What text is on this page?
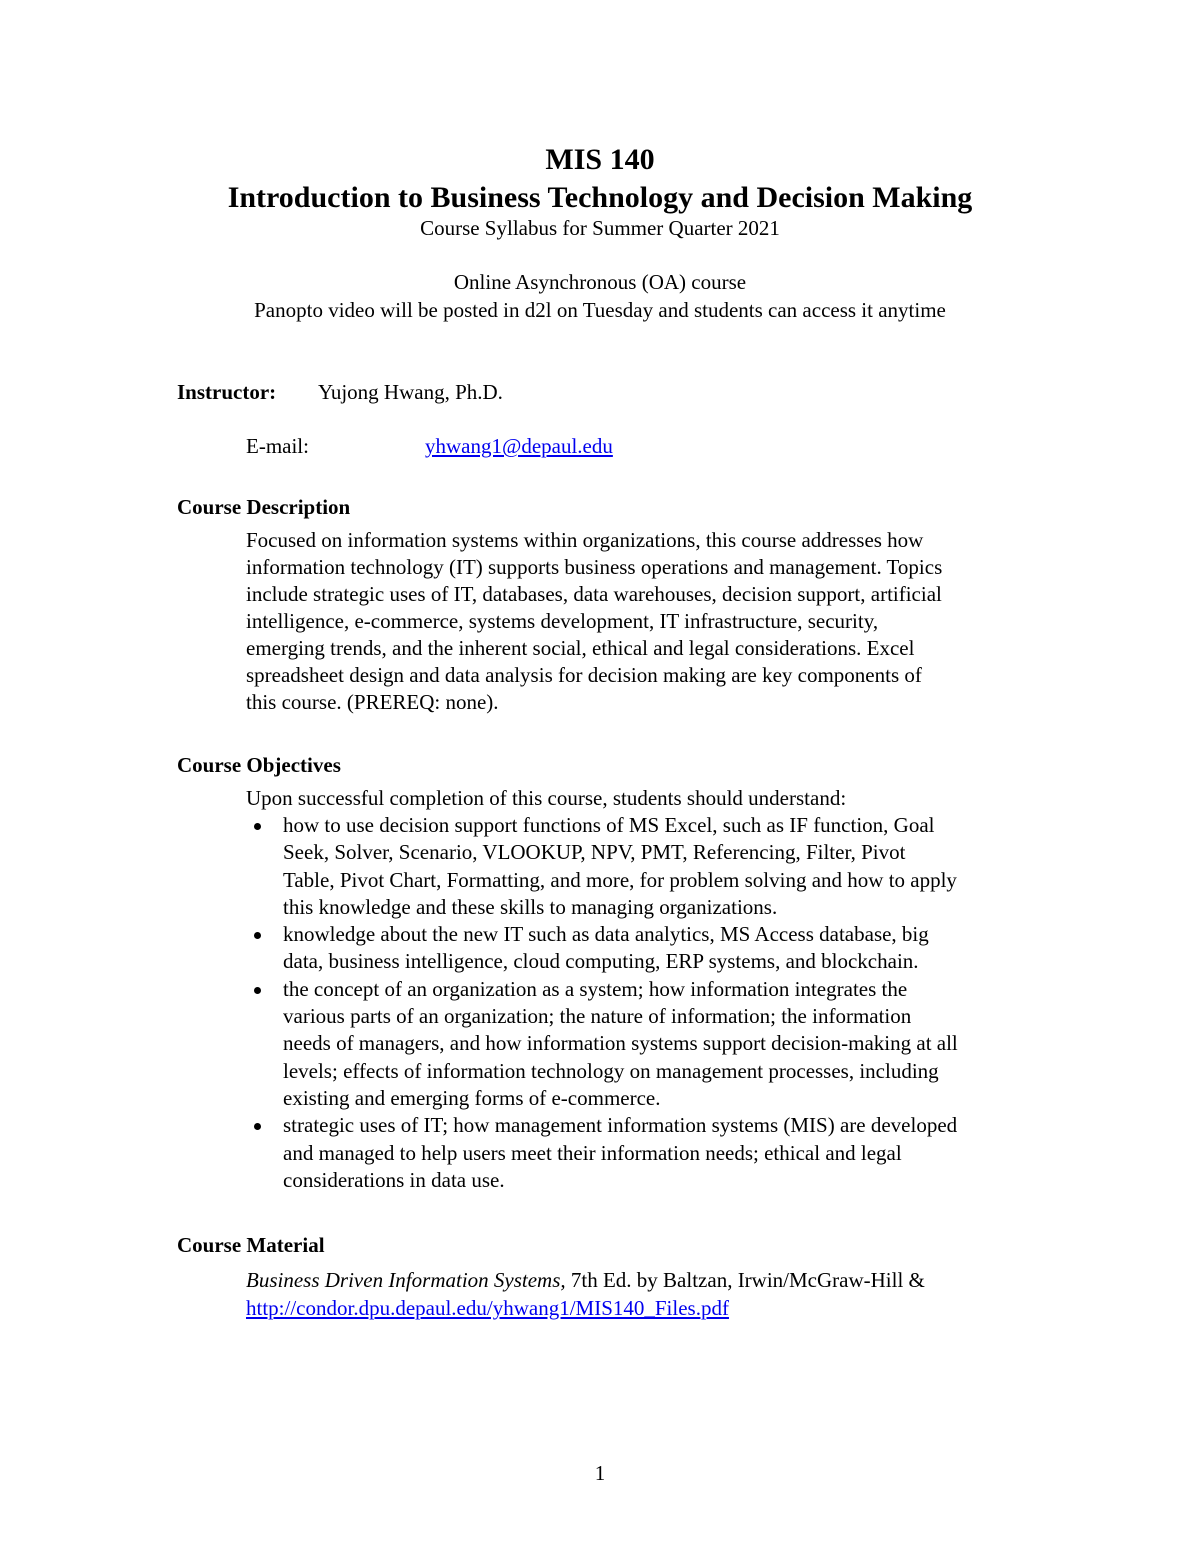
MIS 140
Introduction to Business Technology and Decision Making
Course Syllabus for Summer Quarter 2021
Online Asynchronous (OA) course
Panopto video will be posted in d2l on Tuesday and students can access it anytime
Instructor: Yujong Hwang, Ph.D.
E-mail:	yhwang1@depaul.edu
Course Description
Focused on information systems within organizations, this course addresses how
information technology (IT) supports business operations and management. Topics
include strategic uses of IT, databases, data warehouses, decision support, artificial
intelligence, e-commerce, systems development, IT infrastructure, security,
emerging trends, and the inherent social, ethical and legal considerations. Excel
spreadsheet design and data analysis for decision making are key components of
this course. (PREREQ: none).
Course Objectives
Upon successful completion of this course, students should understand:
how to use decision support functions of MS Excel, such as IF function, Goal
Seek, Solver, Scenario, VLOOKUP, NPV, PMT, Referencing, Filter, Pivot
Table, Pivot Chart, Formatting, and more, for problem solving and how to apply
this knowledge and these skills to managing organizations.
knowledge about the new IT such as data analytics, MS Access database, big
data, business intelligence, cloud computing, ERP systems, and blockchain.
the concept of an organization as a system; how information integrates the
various parts of an organization; the nature of information; the information
needs of managers, and how information systems support decision-making at all
levels; effects of information technology on management processes, including
existing and emerging forms of e-commerce.
strategic uses of IT; how management information systems (MIS) are developed
and managed to help users meet their information needs; ethical and legal
considerations in data use.
Course Material
Business Driven Information Systems, 7th Ed. by Baltzan, Irwin/McGraw-Hill &
http://condor.dpu.depaul.edu/yhwang1/MIS140_Files.pdf
1
